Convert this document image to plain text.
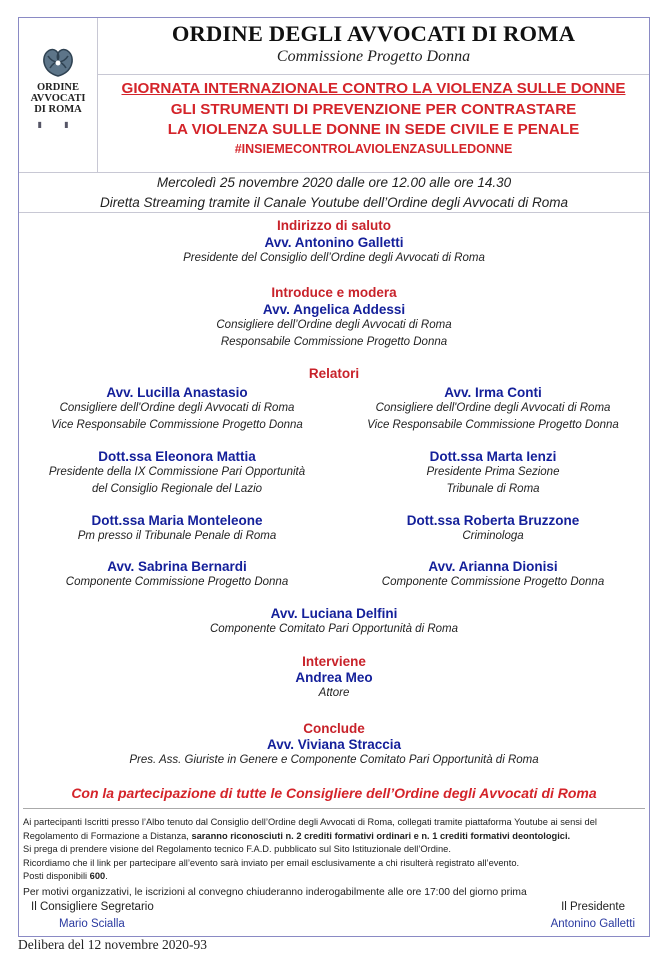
ORDINE
AVVOCATI
DI ROMA
▮ ▮
ORDINE DEGLI AVVOCATI DI ROMA
Commissione Progetto Donna
GIORNATA INTERNAZIONALE CONTRO LA VIOLENZA SULLE DONNE
GLI STRUMENTI DI PREVENZIONE PER CONTRASTARE
LA VIOLENZA SULLE DONNE IN SEDE CIVILE E PENALE
#INSIEMECONTROLAVIOLENZASULLEDONNE
Mercoledì 25 novembre 2020 dalle ore 12.00 alle ore 14.30
Diretta Streaming tramite il Canale Youtube dell’Ordine degli Avvocati di Roma
Indirizzo di saluto
Avv. Antonino Galletti
Presidente del Consiglio dell’Ordine degli Avvocati di Roma
Introduce e modera
Avv. Angelica Addessi
Consigliere dell’Ordine degli Avvocati di Roma
Responsabile Commissione Progetto Donna
Relatori
Avv. Lucilla Anastasio
Consigliere dell'Ordine degli Avvocati di Roma
Vice Responsabile Commissione Progetto Donna
Avv. Irma Conti
Consigliere dell'Ordine degli Avvocati di Roma
Vice Responsabile Commissione Progetto Donna
Dott.ssa Eleonora Mattia
Presidente della IX Commissione Pari Opportunità
del Consiglio Regionale del Lazio
Dott.ssa Marta Ienzi
Presidente Prima Sezione
Tribunale di Roma
Dott.ssa Maria Monteleone
Pm presso il Tribunale Penale di Roma
Dott.ssa Roberta Bruzzone
Criminologa
Avv. Sabrina Bernardi
Componente Commissione Progetto Donna
Avv. Arianna Dionisi
Componente Commissione Progetto Donna
Avv. Luciana Delfini
Componente Comitato Pari Opportunità di Roma
Interviene
Andrea Meo
Attore
Conclude
Avv. Viviana Straccia
Pres. Ass. Giuriste in Genere e Componente Comitato Pari Opportunità di Roma
Con la partecipazione di tutte le Consigliere dell’Ordine degli Avvocati di Roma
Ai partecipanti Iscritti presso l’Albo tenuto dal Consiglio dell’Ordine degli Avvocati di Roma, collegati tramite piattaforma Youtube ai sensi del
Regolamento di Formazione a Distanza, saranno riconosciuti n. 2 crediti formativi ordinari e n. 1 crediti formativi deontologici.
Si prega di prendere visione del Regolamento tecnico F.A.D. pubblicato sul Sito Istituzionale dell’Ordine.
Ricordiamo che il link per partecipare all’evento sarà inviato per email esclusivamente a chi risulterà registrato all’evento.
Posti disponibili 600.
Per motivi organizzativi, le iscrizioni al convegno chiuderanno inderogabilmente alle ore 17:00 del giorno prima
Il Consigliere Segretario
Mario Scialla
Il Presidente
Antonino Galletti
Delibera del 12 novembre 2020-93
